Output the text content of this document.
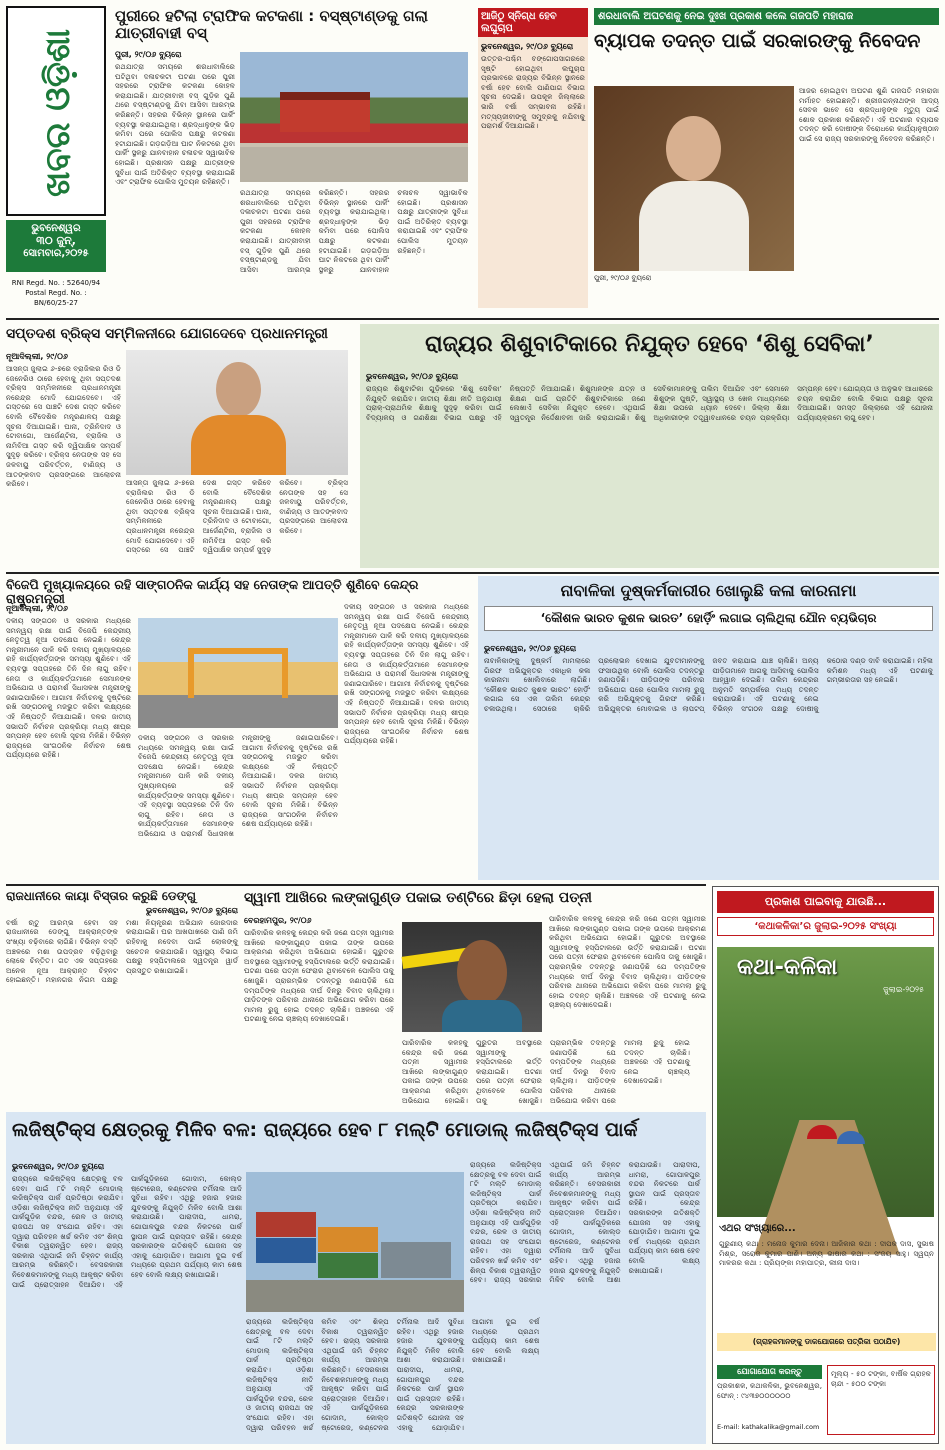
ଖବର ଓଡ଼ିଶା
ଭୁବନେଶ୍ୱର
୩୦ ଜୁନ୍,
ସୋମବାର,୨୦୨୫
RNI Regd. No. : 52640/94
Postal Regd. No. :
BN/60/25-27
ପୁରୀରେ ହଟିଲା ଟ୍ରାଫିକ କଟକଣା : ବସ୍‌ଷ୍ଟାଣ୍ଡକୁ ଗଲା ଯାତ୍ରୀବାହୀ ବସ୍
ପୁରୀ, ୨୯/୦୬ ବ୍ୟୁରୋ
ରଥଯାତ୍ରା ସମୟରେ ଶରଧାବାଲିରେ ଘଟିଥିବା ଦଳାଚକଟା ଘଟଣା ପରେ ପୁରୀ ସହରରେ ଟ୍ରାଫିକ କଟକଣା କୋହଳ କରାଯାଇଛି। ଯାତ୍ରୀବାହୀ ବସ୍ ଗୁଡ଼ିକ ପୁଣି ଥରେ ବସ୍‌ଷ୍ଟାଣ୍ଡକୁ ଯିବା ଆସିବା ଆରମ୍ଭ କରିଛନ୍ତି। ସହରର ବିଭିନ୍ନ ସ୍ଥାନରେ ପାର୍କିଂ ବ୍ୟବସ୍ଥା କରାଯାଇଥିଲା। ଶ୍ରଦ୍ଧାଳୁଙ୍କ ଭିଡ଼ କମିବା ପରେ ପୋଲିସ ପକ୍ଷରୁ କଟକଣା ହଟାଯାଇଛି। ଗଡ଼ଗଡ଼ିଆ ଘାଟ ନିକଟରେ ଥିବା ପାର୍କିଂ ସ୍ଥଳରୁ ଯାନବାହାନ ଚଳାଚଳ ସ୍ୱାଭାବିକ ହୋଇଛି। ପ୍ରଶାସନ ପକ୍ଷରୁ ଯାତ୍ରୀଙ୍କ ସୁବିଧା ପାଇଁ ଅତିରିକ୍ତ ବ୍ୟବସ୍ଥା କରାଯାଇଛି ଏବଂ ଟ୍ରାଫିକ ପୋଲିସ ମୁତୟନ ରହିଛନ୍ତି।
ରଥଯାତ୍ରା ସମୟରେ ଶରଧାବାଲିରେ ଘଟିଥିବା ଦଳାଚକଟା ଘଟଣା ପରେ ପୁରୀ ସହରରେ ଟ୍ରାଫିକ କଟକଣା କୋହଳ କରାଯାଇଛି। ଯାତ୍ରୀବାହୀ ବସ୍ ଗୁଡ଼ିକ ପୁଣି ଥରେ ବସ୍‌ଷ୍ଟାଣ୍ଡକୁ ଯିବା ଆସିବା ଆରମ୍ଭ କରିଛନ୍ତି। ସହରର ବିଭିନ୍ନ ସ୍ଥାନରେ ପାର୍କିଂ ବ୍ୟବସ୍ଥା କରାଯାଇଥିଲା। ଶ୍ରଦ୍ଧାଳୁଙ୍କ ଭିଡ଼ କମିବା ପରେ ପୋଲିସ ପକ୍ଷରୁ କଟକଣା ହଟାଯାଇଛି। ଗଡ଼ଗଡ଼ିଆ ଘାଟ ନିକଟରେ ଥିବା ପାର୍କିଂ ସ୍ଥଳରୁ ଯାନବାହାନ ଚଳାଚଳ ସ୍ୱାଭାବିକ ହୋଇଛି। ପ୍ରଶାସନ ପକ୍ଷରୁ ଯାତ୍ରୀଙ୍କ ସୁବିଧା ପାଇଁ ଅତିରିକ୍ତ ବ୍ୟବସ୍ଥା କରାଯାଇଛି ଏବଂ ଟ୍ରାଫିକ ପୋଲିସ ମୁତୟନ ରହିଛନ୍ତି।
ଆଜିଠୁ ସ୍ନିଗ୍ଧ ହେବ ଲଘୁଚାପ
ଭୁବନେଶ୍ୱର, ୨୯/୦୬ ବ୍ୟୁରୋ
ଉତ୍ତର-ପଶ୍ଚିମ ବଙ୍ଗୋପସାଗରରେ ସୃଷ୍ଟି ହୋଇଥିବା ଲଘୁଚାପ ପ୍ରଭାବରେ ରାଜ୍ୟର ବିଭିନ୍ନ ସ୍ଥାନରେ ବର୍ଷା ହେବ ବୋଲି ପାଣିପାଗ ବିଭାଗ ସୂଚନା ଦେଇଛି। ଉପକୂଳ ଜିଲ୍ଲାରେ ଭାରି ବର୍ଷା ସମ୍ଭାବନା ରହିଛି। ମତ୍ସ୍ୟଜୀବୀଙ୍କୁ ସମୁଦ୍ରକୁ ନଯିବାକୁ ପରାମର୍ଶ ଦିଆଯାଇଛି।
ଶରଧାବାଲି ଅଘଟଣକୁ ନେଇ ଦୁଃଖ ପ୍ରକାଶ କଲେ ଗଜପତି ମହାରାଜ
ବ୍ୟାପକ ତଦନ୍ତ ପାଇଁ ସରକାରଙ୍କୁ ନିବେଦନ
ପୁରୀ, ୨୯/୦୬ ବ୍ୟୁରୋ
ଆଜର ହୋଇଥିବା ଅଘଟଣ ଶୁଣି ଗଜପତି ମହାରାଜା ମର୍ମାହତ ହୋଇଛନ୍ତି। ଶ୍ରୀଜଗନ୍ନାଥଙ୍କ ଆଦ୍ୟ ସେବକ ଭାବେ ସେ ଶ୍ରଦ୍ଧାଳୁଙ୍କ ମୃତ୍ୟୁ ପାଇଁ ଶୋକ ପ୍ରକାଶ କରିଛନ୍ତି। ଏହି ଘଟଣାର ବ୍ୟାପକ ତଦନ୍ତ କରି ଦୋଷୀଙ୍କ ବିରୋଧରେ କାର୍ଯ୍ୟାନୁଷ୍ଠାନ ପାଇଁ ସେ ରାଜ୍ୟ ସରକାରଙ୍କୁ ନିବେଦନ କରିଛନ୍ତି।
ସପ୍ତଦଶ ବ୍ରିକ୍ସ ସମ୍ମିଳନୀରେ ଯୋଗଦେବେ ପ୍ରଧାନମନ୍ତ୍ରୀ
ନୂଆଦିଲ୍ଲୀ, ୨୯/୦୬
ଆସନ୍ତା ଜୁଲାଇ ୬-୭ରେ ବ୍ରାଜିଲର ରିଓ ଡି ଜେନେରିଓ ଠାରେ ହେବାକୁ ଥିବା ସପ୍ତଦଶ ବ୍ରିକ୍ସ ସମ୍ମିଳନୀରେ ପ୍ରଧାନମନ୍ତ୍ରୀ ନରେନ୍ଦ୍ର ମୋଦି ଯୋଗଦେବେ। ଏହି ଗସ୍ତରେ ସେ ପାଞ୍ଚଟି ଦେଶ ଗସ୍ତ କରିବେ ବୋଲି ବୈଦେଶିକ ମନ୍ତ୍ରଣାଳୟ ପକ୍ଷରୁ ସୂଚନା ଦିଆଯାଇଛି। ଘାନା, ତ୍ରିନିଦାଦ ଓ ଟୋବାଗୋ, ଆର୍ଜେଣ୍ଟିନା, ବ୍ରାଜିଲ ଓ ନାମିବିଆ ଗସ୍ତ କରି ଦ୍ୱିପାକ୍ଷିକ ସମ୍ପର୍କ ସୁଦୃଢ଼ କରିବେ। ବ୍ରିକ୍ସ ନେତାଙ୍କ ସହ ସେ ଜଳବାୟୁ ପରିବର୍ତ୍ତନ, ବାଣିଜ୍ୟ ଓ ଆତଙ୍କବାଦ ପ୍ରସଙ୍ଗରେ ଆଲୋଚନା କରିବେ।	ଆସନ୍ତା ଜୁଲାଇ ୬-୭ରେ ବ୍ରାଜିଲର ରିଓ ଡି ଜେନେରିଓ ଠାରେ ହେବାକୁ ଥିବା ସପ୍ତଦଶ ବ୍ରିକ୍ସ ସମ୍ମିଳନୀରେ ପ୍ରଧାନମନ୍ତ୍ରୀ ନରେନ୍ଦ୍ର ମୋଦି ଯୋଗଦେବେ। ଏହି ଗସ୍ତରେ ସେ ପାଞ୍ଚଟି ଦେଶ ଗସ୍ତ କରିବେ ବୋଲି ବୈଦେଶିକ ମନ୍ତ୍ରଣାଳୟ ପକ୍ଷରୁ ସୂଚନା ଦିଆଯାଇଛି। ଘାନା, ତ୍ରିନିଦାଦ ଓ ଟୋବାଗୋ, ଆର୍ଜେଣ୍ଟିନା, ବ୍ରାଜିଲ ଓ ନାମିବିଆ ଗସ୍ତ କରି ଦ୍ୱିପାକ୍ଷିକ ସମ୍ପର୍କ ସୁଦୃଢ଼ କରିବେ। ବ୍ରିକ୍ସ ନେତାଙ୍କ ସହ ସେ ଜଳବାୟୁ ପରିବର୍ତ୍ତନ, ବାଣିଜ୍ୟ ଓ ଆତଙ୍କବାଦ ପ୍ରସଙ୍ଗରେ ଆଲୋଚନା କରିବେ।
ରାଜ୍ୟର ଶିଶୁବାଟିକାରେ ନିଯୁକ୍ତ ହେବେ ‘ଶିଶୁ ସେବିକା’
ଭୁବନେଶ୍ୱର, ୨୯/୦୬ ବ୍ୟୁରୋ
ରାଜ୍ୟର ଶିଶୁବାଟିକା ଗୁଡ଼ିକରେ ‘ଶିଶୁ ସେବିକା’ ନିଯୁକ୍ତି କରାଯିବ। ଜାତୀୟ ଶିକ୍ଷା ନୀତି ଅନୁଯାୟୀ ପ୍ରାକ୍-ପ୍ରାଥମିକ ଶିକ୍ଷାକୁ ସୁଦୃଢ଼ କରିବା ପାଇଁ ବିଦ୍ୟାଳୟ ଓ ଗଣଶିକ୍ଷା ବିଭାଗ ପକ୍ଷରୁ ଏହି ନିଷ୍ପତ୍ତି ନିଆଯାଇଛି। ଶିଶୁମାନଙ୍କ ଯତ୍ନ ଓ ଶିକ୍ଷଣ ପାଇଁ ପ୍ରତିଟି ଶିଶୁବାଟିକାରେ ଜଣେ ଲେଖାଏଁ ସେବିକା ନିଯୁକ୍ତ ହେବେ। ଏଥିପାଇଁ ସ୍ୱତନ୍ତ୍ର ନିର୍ଦ୍ଦେଶାବଳୀ ଜାରି କରାଯାଇଛି। ଶିଶୁ ସେବିକାମାନଙ୍କୁ ତାଲିମ ଦିଆଯିବ ଏବଂ ସେମାନେ ଶିଶୁଙ୍କ ପୁଷ୍ଟି, ସ୍ୱାସ୍ଥ୍ୟ ଓ ଖେଳ ମାଧ୍ୟମରେ ଶିକ୍ଷା ଉପରେ ଧ୍ୟାନ ଦେବେ। ଜିଲ୍ଲା ଶିକ୍ଷା ଅଧିକାରୀଙ୍କ ତତ୍ତ୍ୱାବଧାନରେ ଚୟନ ପ୍ରକ୍ରିୟା ସମ୍ପନ୍ନ ହେବ। ଯୋଗ୍ୟତା ଓ ଅନୁଭବ ଆଧାରରେ ଚୟନ କରାଯିବ ବୋଲି ବିଭାଗ ପକ୍ଷରୁ ସୂଚନା ଦିଆଯାଇଛି। ସମସ୍ତ ଜିଲ୍ଲାରେ ଏହି ଯୋଜନା ପର୍ଯ୍ୟାୟକ୍ରମେ ଲାଗୁ ହେବ।
ବିଜେପି ମୁଖ୍ୟାଳୟରେ ରହି ସାଙ୍ଗଠନିକ କାର୍ଯ୍ୟ ସହ ନେତାଙ୍କ ଆପତ୍ତି ଶୁଣିବେ କେନ୍ଦ୍ର ରାଷ୍ଟ୍ରମନ୍ତ୍ରୀ
ନୂଆଦିଲ୍ଲୀ, ୨୯/୦୬
ଦଳୀୟ ସଙ୍ଗଠନ ଓ ସରକାର ମଧ୍ୟରେ ସମନ୍ୱୟ ରକ୍ଷା ପାଇଁ ବିଜେପି କେନ୍ଦ୍ରୀୟ ନେତୃତ୍ୱ ନୂଆ ପଦକ୍ଷେପ ନେଇଛି। କେନ୍ଦ୍ର ମନ୍ତ୍ରୀମାନେ ପାଳି କରି ଦଳୀୟ ମୁଖ୍ୟାଳୟରେ ରହି କାର୍ଯ୍ୟକର୍ତ୍ତାଙ୍କ ସମସ୍ୟା ଶୁଣିବେ। ଏହି ବ୍ୟବସ୍ଥା ସପ୍ତାହରେ ତିନି ଦିନ ଲାଗୁ ରହିବ। ନେତା ଓ କାର୍ଯ୍ୟକର୍ତ୍ତାମାନେ ସେମାନଙ୍କ ଅଭିଯୋଗ ଓ ପରାମର୍ଶ ସିଧାସଳଖ ମନ୍ତ୍ରୀଙ୍କୁ ଜଣାଇପାରିବେ। ଆଗାମୀ ନିର୍ବାଚନକୁ ଦୃଷ୍ଟିରେ ରଖି ସଙ୍ଗଠନକୁ ମଜଭୁତ କରିବା ଲକ୍ଷ୍ୟରେ ଏହି ନିଷ୍ପତ୍ତି ନିଆଯାଇଛି। ଦଳର ଜାତୀୟ ସଭାପତି ନିର୍ବାଚନ ପ୍ରକ୍ରିୟା ମଧ୍ୟ ଶୀଘ୍ର ସମ୍ପନ୍ନ ହେବ ବୋଲି ସୂଚନା ମିଳିଛି। ବିଭିନ୍ନ ରାଜ୍ୟରେ ସାଂଗଠନିକ ନିର୍ବାଚନ ଶେଷ ପର୍ଯ୍ୟାୟରେ ରହିଛି।
ଦଳୀୟ ସଙ୍ଗଠନ ଓ ସରକାର ମଧ୍ୟରେ ସମନ୍ୱୟ ରକ୍ଷା ପାଇଁ ବିଜେପି କେନ୍ଦ୍ରୀୟ ନେତୃତ୍ୱ ନୂଆ ପଦକ୍ଷେପ ନେଇଛି। କେନ୍ଦ୍ର ମନ୍ତ୍ରୀମାନେ ପାଳି କରି ଦଳୀୟ ମୁଖ୍ୟାଳୟରେ ରହି କାର୍ଯ୍ୟକର୍ତ୍ତାଙ୍କ ସମସ୍ୟା ଶୁଣିବେ। ଏହି ବ୍ୟବସ୍ଥା ସପ୍ତାହରେ ତିନି ଦିନ ଲାଗୁ ରହିବ। ନେତା ଓ କାର୍ଯ୍ୟକର୍ତ୍ତାମାନେ ସେମାନଙ୍କ ଅଭିଯୋଗ ଓ ପରାମର୍ଶ ସିଧାସଳଖ ମନ୍ତ୍ରୀଙ୍କୁ ଜଣାଇପାରିବେ। ଆଗାମୀ ନିର୍ବାଚନକୁ ଦୃଷ୍ଟିରେ ରଖି ସଙ୍ଗଠନକୁ ମଜଭୁତ କରିବା ଲକ୍ଷ୍ୟରେ ଏହି ନିଷ୍ପତ୍ତି ନିଆଯାଇଛି। ଦଳର ଜାତୀୟ ସଭାପତି ନିର୍ବାଚନ ପ୍ରକ୍ରିୟା ମଧ୍ୟ ଶୀଘ୍ର ସମ୍ପନ୍ନ ହେବ ବୋଲି ସୂଚନା ମିଳିଛି। ବିଭିନ୍ନ ରାଜ୍ୟରେ ସାଂଗଠନିକ ନିର୍ବାଚନ ଶେଷ ପର୍ଯ୍ୟାୟରେ ରହିଛି।
ଦଳୀୟ ସଙ୍ଗଠନ ଓ ସରକାର ମଧ୍ୟରେ ସମନ୍ୱୟ ରକ୍ଷା ପାଇଁ ବିଜେପି କେନ୍ଦ୍ରୀୟ ନେତୃତ୍ୱ ନୂଆ ପଦକ୍ଷେପ ନେଇଛି। କେନ୍ଦ୍ର ମନ୍ତ୍ରୀମାନେ ପାଳି କରି ଦଳୀୟ ମୁଖ୍ୟାଳୟରେ ରହି କାର୍ଯ୍ୟକର୍ତ୍ତାଙ୍କ ସମସ୍ୟା ଶୁଣିବେ। ଏହି ବ୍ୟବସ୍ଥା ସପ୍ତାହରେ ତିନି ଦିନ ଲାଗୁ ରହିବ। ନେତା ଓ କାର୍ଯ୍ୟକର୍ତ୍ତାମାନେ ସେମାନଙ୍କ ଅଭିଯୋଗ ଓ ପରାମର୍ଶ ସିଧାସଳଖ ମନ୍ତ୍ରୀଙ୍କୁ ଜଣାଇପାରିବେ। ଆଗାମୀ ନିର୍ବାଚନକୁ ଦୃଷ୍ଟିରେ ରଖି ସଙ୍ଗଠନକୁ ମଜଭୁତ କରିବା ଲକ୍ଷ୍ୟରେ ଏହି ନିଷ୍ପତ୍ତି ନିଆଯାଇଛି। ଦଳର ଜାତୀୟ ସଭାପତି ନିର୍ବାଚନ ପ୍ରକ୍ରିୟା ମଧ୍ୟ ଶୀଘ୍ର ସମ୍ପନ୍ନ ହେବ ବୋଲି ସୂଚନା ମିଳିଛି। ବିଭିନ୍ନ ରାଜ୍ୟରେ ସାଂଗଠନିକ ନିର୍ବାଚନ ଶେଷ ପର୍ଯ୍ୟାୟରେ ରହିଛି।
ନାବାଳିକା ଦୁଷ୍କର୍ମକାରୀର ଖୋଲୁଛି କଳା କାରନାମା
‘କୌଶଳ ଭାରତ କୁଶଳ ଭାରତ’ ହୋର୍ଡ଼ିଂ ଲଗାଇ ଚାଲିଥିଲା ଯୌନ ବ୍ୟଭିଚାର
ଭୁବନେଶ୍ୱର, ୨୯/୦୬ ବ୍ୟୁରୋ
ନାବାଳିକାଙ୍କୁ ଦୁଷ୍କର୍ମ ମାମଲାରେ ଗିରଫ ଅଭିଯୁକ୍ତର ଏକାଧିକ କଳା କାରନାମା ଖୋଲିବାରେ ଲାଗିଛି। ‘କୌଶଳ ଭାରତ କୁଶଳ ଭାରତ’ ହୋର୍ଡ଼ିଂ ଲଗାଇ ସେ ଏକ ତାଲିମ କେନ୍ଦ୍ର ଚଳାଉଥିଲା। ସେଠାରେ ଚାକିରି ପ୍ରଲୋଭନ ଦେଖାଇ ଯୁବତୀମାନଙ୍କୁ ଫସାଉଥିଲା ବୋଲି ପୋଲିସ ତଦନ୍ତରୁ ଜଣାପଡ଼ିଛି। ପୀଡ଼ିତାଙ୍କ ପରିବାର ଅଭିଯୋଗ ପରେ ପୋଲିସ ମାମଲା ରୁଜୁ କରି ଅଭିଯୁକ୍ତକୁ ଗିରଫ କରିଛି। ଅଭିଯୁକ୍ତର ମୋବାଇଲ ଓ ଲାପଟପ୍ ଜବତ କରାଯାଇ ଯାଞ୍ଚ ଚାଲିଛି। ଅନ୍ୟ ପୀଡ଼ିତାମାନେ ଆଗକୁ ଆସିବାକୁ ପୋଲିସ ଆହ୍ୱାନ ଦେଇଛି। ତାଲିମ କେନ୍ଦ୍ରର ଅନୁମତି ସମ୍ପର୍କରେ ମଧ୍ୟ ତଦନ୍ତ କରାଯାଉଛି। ଏହି ଘଟଣାକୁ ନେଇ ବିଭିନ୍ନ ସଂଗଠନ ପକ୍ଷରୁ ଦୋଷୀକୁ କଠୋର ଦଣ୍ଡ ଦାବି କରାଯାଇଛି। ମହିଳା କମିଶନ ମଧ୍ୟ ଏହି ଘଟଣାକୁ ଗମ୍ଭୀରତାର ସହ ନେଇଛି।
ରାଜଧାନୀରେ କାୟା ବିସ୍ତାର କରୁଛି ଡେଙ୍ଗୁ
ଭୁବନେଶ୍ୱର, ୨୯/୦୬ ବ୍ୟୁରୋ
ବର୍ଷା ଋତୁ ଆରମ୍ଭ ହେବା ସହ ରାଜଧାନୀରେ ଡେଙ୍ଗୁ ଆକ୍ରାନ୍ତଙ୍କ ସଂଖ୍ୟା ବଢ଼ିବାରେ ଲାଗିଛି। ବିଭିନ୍ନ ବସ୍ତି ଅଞ୍ଚଳରେ ମଶା ଉପଦ୍ରବ ବଢ଼ିଥିବାରୁ ଲୋକେ ଚିନ୍ତିତ। ଗତ ଏକ ସପ୍ତାହରେ ଅନେକ ନୂଆ ଆକ୍ରାନ୍ତ ଚିହ୍ନଟ ହୋଇଛନ୍ତି। ମହାନଗର ନିଗମ ପକ୍ଷରୁ ମଶା ନିୟନ୍ତ୍ରଣ ଅଭିଯାନ ଜୋରଦାର କରାଯାଇଛି। ଘର ଆଖପାଖରେ ପାଣି ଜମି ରହିବାକୁ ନଦେବା ପାଇଁ ଲୋକଙ୍କୁ ସଚେତନ କରାଯାଉଛି। ସ୍ୱାସ୍ଥ୍ୟ ବିଭାଗ ପକ୍ଷରୁ ହସ୍ପିଟାଲରେ ସ୍ୱତନ୍ତ୍ର ୱାର୍ଡ ପ୍ରସ୍ତୁତ ରଖାଯାଇଛି।
ସ୍ୱାମୀ ଆଖିରେ ଲଙ୍କାଗୁଣ୍ଡ ପକାଇ ତଣ୍ଟିରେ ଛିଡ଼ା ହେଲା ପତ୍ନୀ
ବେରହାମପୁର, ୨୯/୦୬
ପାରିବାରିକ କଳହକୁ କେନ୍ଦ୍ର କରି ଜଣେ ପତ୍ନୀ ସ୍ୱାମୀର ଆଖିରେ ଲଙ୍କାଗୁଣ୍ଡ ପକାଇ ତାଙ୍କ ଉପରେ ଆକ୍ରମଣ କରିଥିବା ଅଭିଯୋଗ ହୋଇଛି। ଗୁରୁତର ଅବସ୍ଥାରେ ସ୍ୱାମୀଙ୍କୁ ହସ୍ପିଟାଲରେ ଭର୍ତ୍ତି କରାଯାଇଛି। ଘଟଣା ପରେ ପତ୍ନୀ ଫେରାର ଥିବାବେଳେ ପୋଲିସ ତାକୁ ଖୋଜୁଛି। ପ୍ରାରମ୍ଭିକ ତଦନ୍ତରୁ ଜଣାପଡ଼ିଛି ଯେ ଦମ୍ପତିଙ୍କ ମଧ୍ୟରେ ଦୀର୍ଘ ଦିନରୁ ବିବାଦ ଚାଲିଥିଲା। ପୀଡ଼ିତଙ୍କ ପରିବାର ଥାନାରେ ଅଭିଯୋଗ କରିବା ପରେ ମାମଲା ରୁଜୁ ହୋଇ ତଦନ୍ତ ଚାଲିଛି। ଅଞ୍ଚଳରେ ଏହି ଘଟଣାକୁ ନେଇ ଚାଞ୍ଚଲ୍ୟ ଦେଖାଦେଇଛି।
ପାରିବାରିକ କଳହକୁ କେନ୍ଦ୍ର କରି ଜଣେ ପତ୍ନୀ ସ୍ୱାମୀର ଆଖିରେ ଲଙ୍କାଗୁଣ୍ଡ ପକାଇ ତାଙ୍କ ଉପରେ ଆକ୍ରମଣ କରିଥିବା ଅଭିଯୋଗ ହୋଇଛି। ଗୁରୁତର ଅବସ୍ଥାରେ ସ୍ୱାମୀଙ୍କୁ ହସ୍ପିଟାଲରେ ଭର୍ତ୍ତି କରାଯାଇଛି। ଘଟଣା ପରେ ପତ୍ନୀ ଫେରାର ଥିବାବେଳେ ପୋଲିସ ତାକୁ ଖୋଜୁଛି। ପ୍ରାରମ୍ଭିକ ତଦନ୍ତରୁ ଜଣାପଡ଼ିଛି ଯେ ଦମ୍ପତିଙ୍କ ମଧ୍ୟରେ ଦୀର୍ଘ ଦିନରୁ ବିବାଦ ଚାଲିଥିଲା। ପୀଡ଼ିତଙ୍କ ପରିବାର ଥାନାରେ ଅଭିଯୋଗ କରିବା ପରେ ମାମଲା ରୁଜୁ ହୋଇ ତଦନ୍ତ ଚାଲିଛି। ଅଞ୍ଚଳରେ ଏହି ଘଟଣାକୁ ନେଇ ଚାଞ୍ଚଲ୍ୟ ଦେଖାଦେଇଛି।
ପାରିବାରିକ କଳହକୁ କେନ୍ଦ୍ର କରି ଜଣେ ପତ୍ନୀ ସ୍ୱାମୀର ଆଖିରେ ଲଙ୍କାଗୁଣ୍ଡ ପକାଇ ତାଙ୍କ ଉପରେ ଆକ୍ରମଣ କରିଥିବା ଅଭିଯୋଗ ହୋଇଛି। ଗୁରୁତର ଅବସ୍ଥାରେ ସ୍ୱାମୀଙ୍କୁ ହସ୍ପିଟାଲରେ ଭର୍ତ୍ତି କରାଯାଇଛି। ଘଟଣା ପରେ ପତ୍ନୀ ଫେରାର ଥିବାବେଳେ ପୋଲିସ ତାକୁ ଖୋଜୁଛି। ପ୍ରାରମ୍ଭିକ ତଦନ୍ତରୁ ଜଣାପଡ଼ିଛି ଯେ ଦମ୍ପତିଙ୍କ ମଧ୍ୟରେ ଦୀର୍ଘ ଦିନରୁ ବିବାଦ ଚାଲିଥିଲା। ପୀଡ଼ିତଙ୍କ ପରିବାର ଥାନାରେ ଅଭିଯୋଗ କରିବା ପରେ ମାମଲା ରୁଜୁ ହୋଇ ତଦନ୍ତ ଚାଲିଛି। ଅଞ୍ଚଳରେ ଏହି ଘଟଣାକୁ ନେଇ ଚାଞ୍ଚଲ୍ୟ ଦେଖାଦେଇଛି।
ଲଜିଷ୍ଟିକ୍ସ କ୍ଷେତ୍ରକୁ ମିଳିବ ବଳ: ରାଜ୍ୟରେ ହେବ ୮ ମଲ୍ଟି ମୋଡାଲ୍ ଲଜିଷ୍ଟିକ୍ସ ପାର୍କ
ଭୁବନେଶ୍ୱର, ୨୯/୦୬ ବ୍ୟୁରୋ
ରାଜ୍ୟରେ ଲଜିଷ୍ଟିକ୍ସ କ୍ଷେତ୍ରକୁ ବଳ ଦେବା ପାଇଁ ୮ଟି ମଲ୍ଟି ମୋଡାଲ୍ ଲଜିଷ୍ଟିକ୍ସ ପାର୍କ ପ୍ରତିଷ୍ଠା କରାଯିବ। ଓଡ଼ିଶା ଲଜିଷ୍ଟିକ୍ସ ନୀତି ଅନୁଯାୟୀ ଏହି ପାର୍କଗୁଡ଼ିକ ବନ୍ଦର, ରେଳ ଓ ଜାତୀୟ ରାଜପଥ ସହ ସଂଯୋଗ ରହିବ। ଏହା ଦ୍ୱାରା ପରିବହନ ଖର୍ଚ୍ଚ କମିବ ଏବଂ ଶିଳ୍ପ ବିକାଶ ତ୍ୱରାନ୍ୱିତ ହେବ। ରାଜ୍ୟ ସରକାର ଏଥିପାଇଁ ଜମି ଚିହ୍ନଟ କାର୍ଯ୍ୟ ଆରମ୍ଭ କରିଛନ୍ତି। ବେସରକାରୀ ନିବେଶକମାନଙ୍କୁ ମଧ୍ୟ ଆକୃଷ୍ଟ କରିବା ପାଇଁ ପ୍ରୋତ୍ସାହନ ଦିଆଯିବ। ଏହି ପାର୍କଗୁଡ଼ିକରେ ଗୋଦାମ, କୋଲ୍ଡ ଷ୍ଟୋରେଜ, କଣ୍ଟେନର ଟର୍ମିନାଲ ଆଦି ସୁବିଧା ରହିବ। ଏଥିରୁ ହଜାର ହଜାର ଯୁବକଙ୍କୁ ନିଯୁକ୍ତି ମିଳିବ ବୋଲି ଆଶା କରାଯାଉଛି। ପାରାଦୀପ, ଧାମରା, ଗୋପାଳପୁର ବନ୍ଦର ନିକଟରେ ପାର୍କ ସ୍ଥାପନ ପାଇଁ ପ୍ରସ୍ତାବ ରହିଛି। କେନ୍ଦ୍ର ସରକାରଙ୍କ ଗତିଶକ୍ତି ଯୋଜନା ସହ ଏହାକୁ ଯୋଡ଼ାଯିବ। ଆଗାମୀ ଦୁଇ ବର୍ଷ ମଧ୍ୟରେ ପ୍ରଥମ ପର୍ଯ୍ୟାୟ କାମ ଶେଷ ହେବ ବୋଲି ଲକ୍ଷ୍ୟ ରଖାଯାଇଛି।
ରାଜ୍ୟରେ ଲଜିଷ୍ଟିକ୍ସ କ୍ଷେତ୍ରକୁ ବଳ ଦେବା ପାଇଁ ୮ଟି ମଲ୍ଟି ମୋଡାଲ୍ ଲଜିଷ୍ଟିକ୍ସ ପାର୍କ ପ୍ରତିଷ୍ଠା କରାଯିବ। ଓଡ଼ିଶା ଲଜିଷ୍ଟିକ୍ସ ନୀତି ଅନୁଯାୟୀ ଏହି ପାର୍କଗୁଡ଼ିକ ବନ୍ଦର, ରେଳ ଓ ଜାତୀୟ ରାଜପଥ ସହ ସଂଯୋଗ ରହିବ। ଏହା ଦ୍ୱାରା ପରିବହନ ଖର୍ଚ୍ଚ କମିବ ଏବଂ ଶିଳ୍ପ ବିକାଶ ତ୍ୱରାନ୍ୱିତ ହେବ। ରାଜ୍ୟ ସରକାର ଏଥିପାଇଁ ଜମି ଚିହ୍ନଟ କାର୍ଯ୍ୟ ଆରମ୍ଭ କରିଛନ୍ତି। ବେସରକାରୀ ନିବେଶକମାନଙ୍କୁ ମଧ୍ୟ ଆକୃଷ୍ଟ କରିବା ପାଇଁ ପ୍ରୋତ୍ସାହନ ଦିଆଯିବ। ଏହି ପାର୍କଗୁଡ଼ିକରେ ଗୋଦାମ, କୋଲ୍ଡ ଷ୍ଟୋରେଜ, କଣ୍ଟେନର ଟର୍ମିନାଲ ଆଦି ସୁବିଧା ରହିବ। ଏଥିରୁ ହଜାର ହଜାର ଯୁବକଙ୍କୁ ନିଯୁକ୍ତି ମିଳିବ ବୋଲି ଆଶା କରାଯାଉଛି। ପାରାଦୀପ, ଧାମରା, ଗୋପାଳପୁର ବନ୍ଦର ନିକଟରେ ପାର୍କ ସ୍ଥାପନ ପାଇଁ ପ୍ରସ୍ତାବ ରହିଛି। କେନ୍ଦ୍ର ସରକାରଙ୍କ ଗତିଶକ୍ତି ଯୋଜନା ସହ ଏହାକୁ ଯୋଡ଼ାଯିବ। ଆଗାମୀ ଦୁଇ ବର୍ଷ ମଧ୍ୟରେ ପ୍ରଥମ ପର୍ଯ୍ୟାୟ କାମ ଶେଷ ହେବ ବୋଲି ଲକ୍ଷ୍ୟ ରଖାଯାଇଛି।
ରାଜ୍ୟରେ ଲଜିଷ୍ଟିକ୍ସ କ୍ଷେତ୍ରକୁ ବଳ ଦେବା ପାଇଁ ୮ଟି ମଲ୍ଟି ମୋଡାଲ୍ ଲଜିଷ୍ଟିକ୍ସ ପାର୍କ ପ୍ରତିଷ୍ଠା କରାଯିବ। ଓଡ଼ିଶା ଲଜିଷ୍ଟିକ୍ସ ନୀତି ଅନୁଯାୟୀ ଏହି ପାର୍କଗୁଡ଼ିକ ବନ୍ଦର, ରେଳ ଓ ଜାତୀୟ ରାଜପଥ ସହ ସଂଯୋଗ ରହିବ। ଏହା ଦ୍ୱାରା ପରିବହନ ଖର୍ଚ୍ଚ କମିବ ଏବଂ ଶିଳ୍ପ ବିକାଶ ତ୍ୱରାନ୍ୱିତ ହେବ। ରାଜ୍ୟ ସରକାର ଏଥିପାଇଁ ଜମି ଚିହ୍ନଟ କାର୍ଯ୍ୟ ଆରମ୍ଭ କରିଛନ୍ତି। ବେସରକାରୀ ନିବେଶକମାନଙ୍କୁ ମଧ୍ୟ ଆକୃଷ୍ଟ କରିବା ପାଇଁ ପ୍ରୋତ୍ସାହନ ଦିଆଯିବ। ଏହି ପାର୍କଗୁଡ଼ିକରେ ଗୋଦାମ, କୋଲ୍ଡ ଷ୍ଟୋରେଜ, କଣ୍ଟେନର ଟର୍ମିନାଲ ଆଦି ସୁବିଧା ରହିବ। ଏଥିରୁ ହଜାର ହଜାର ଯୁବକଙ୍କୁ ନିଯୁକ୍ତି ମିଳିବ ବୋଲି ଆଶା କରାଯାଉଛି। ପାରାଦୀପ, ଧାମରା, ଗୋପାଳପୁର ବନ୍ଦର ନିକଟରେ ପାର୍କ ସ୍ଥାପନ ପାଇଁ ପ୍ରସ୍ତାବ ରହିଛି। କେନ୍ଦ୍ର ସରକାରଙ୍କ ଗତିଶକ୍ତି ଯୋଜନା ସହ ଏହାକୁ ଯୋଡ଼ାଯିବ। ଆଗାମୀ ଦୁଇ ବର୍ଷ ମଧ୍ୟରେ ପ୍ରଥମ ପର୍ଯ୍ୟାୟ କାମ ଶେଷ ହେବ ବୋଲି ଲକ୍ଷ୍ୟ ରଖାଯାଇଛି।
ପ୍ରକାଶ ପାଇବାକୁ ଯାଉଛି...
‘କଥାକଳିକା’ର ଜୁଲାଇ-୨୦୨୫ ସଂଖ୍ୟା
କଥା-କଳିକା
ଜୁଲାଇ-୨୦୨୫
ଏଥର ସଂଖ୍ୟାରେ...
ଗୁରୁଣୀୟ କଥା : ମନୋଜ କୁମାର ଦେନା। ଆଜିକାର କଥା : ଦୀପକ ଦାସ, ସୁଭାଷ ମିଶ୍ର, ସରୋଜ କୁମାର ପାଣି। ଅନ୍ୟ ଭାଷାର କଥା : ସଂଜୟ ସାହୁ। ସ୍ୱପ୍ନ ମାଳରର କଥା : ପ୍ରିୟଙ୍କା ମହାପାତ୍ର, ଲୀନା ଦାସ।
(ଗ୍ରାହକମାନଙ୍କୁ ଡାକଯୋଗରେ ପତ୍ରିକା ପଠାଯିବ)
ଯୋଗାଯୋଗ କରନ୍ତୁ
ପ୍ରକାଶକ, କଥାକଳିକା, ଭୁବନେଶ୍ୱର, ଫୋନ୍ : ୯୪୩୭୦୦୦୦୦୦
E-mail: kathakalika@gmail.com
ମୂଲ୍ୟ - ୫୦ ଟଙ୍କା, ବାର୍ଷିକ ଗ୍ରାହକ ଚାନ୍ଦା - ୫୦୦ ଟଙ୍କା
